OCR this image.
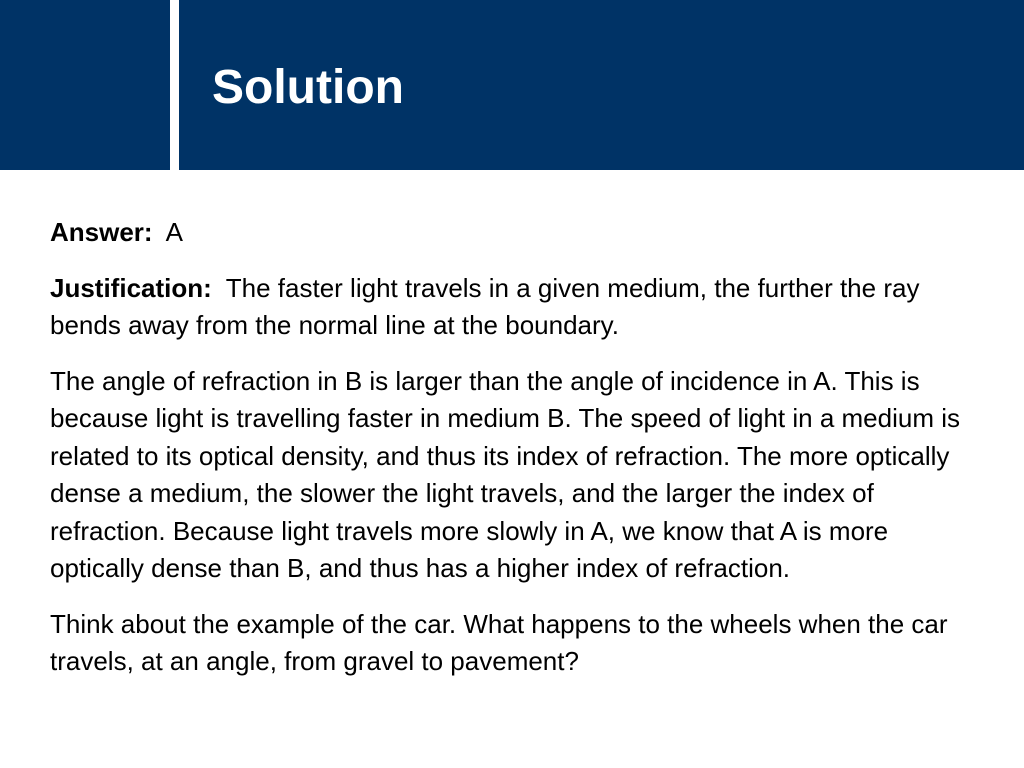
Solution

Answer: A

Justification: The faster light travels in a given medium, the further the ray bends away from the normal line at the boundary.

The angle of refraction in B is larger than the angle of incidence in A. This is because light is travelling faster in medium B. The speed of light in a medium is related to its optical density, and thus its index of refraction. The more optically dense a medium, the slower the light travels, and the larger the index of refraction. Because light travels more slowly in A, we know that A is more optically dense than B, and thus has a higher index of refraction.

Think about the example of the car. What happens to the wheels when the car travels, at an angle, from gravel to pavement?
